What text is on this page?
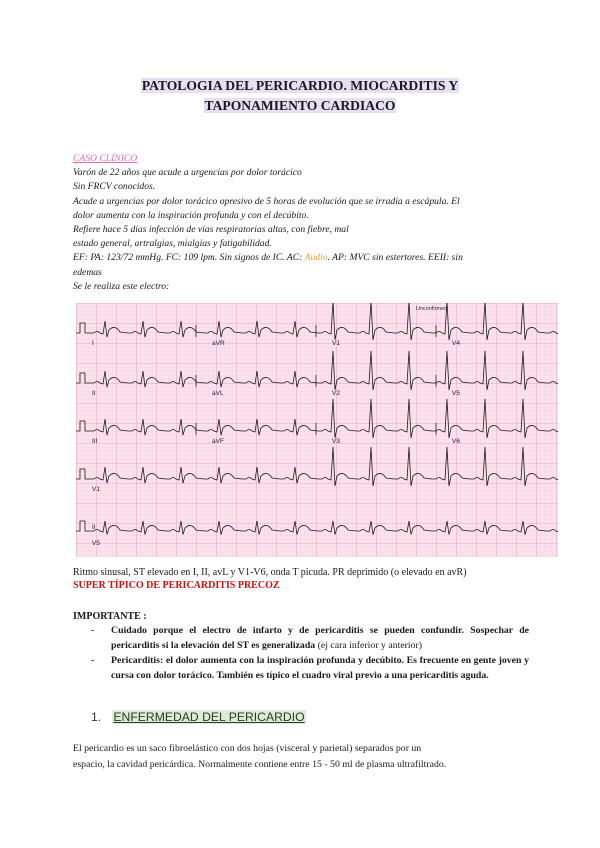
PATOLOGIA DEL PERICARDIO. MIOCARDITIS Y
TAPONAMIENTO CARDIACO
CASO CLÍNICO
Varón de 22 años que acude a urgencias por dolor torácico
Sin FRCV conocidos.
Acude a urgencias por dolor torácico opresivo de 5 horas de evolución que se irradia a escápula. El
dolor aumenta con la inspiración profunda y con el decúbito.
Refiere hace 5 días infección de vías respiratorias altas, con fiebre, mal
estado general, artralgias, mialgias y fatigabilidad.
EF: PA: 123/72 mmHg. FC: 109 lpm. Sin signos de IC. AC: Audio. AP: MVC sin estertores. EEII: sin
edemas
Se le realiza este electro:
Unconfirmed
I	aVR	V1	V4
II	aVL	V2	V5
III	aVF	V3	V6
V1
II
V5
Ritmo sinusal, ST elevado en I, II, avL y V1-V6, onda T picuda. PR deprimido (o elevado en avR)
SUPER TÍPICO DE PERICARDITIS PRECOZ
IMPORTANTE :
- Cuidado porque el electro de infarto y de pericarditis se pueden confundir. Sospechar de pericarditis si la elevación del ST es generalizada (ej cara inferior y anterior)
- Pericarditis: el dolor aumenta con la inspiración profunda y decúbito. Es frecuente en gente joven y cursa con dolor torácico. También es típico el cuadro viral previo a una pericarditis aguda.
1. ENFERMEDAD DEL PERICARDIO
El pericardio es un saco fibroelástico con dos hojas (visceral y parietal) separados por un
espacio, la cavidad pericárdica. Normalmente contiene entre 15 - 50 ml de plasma ultrafiltrado.
